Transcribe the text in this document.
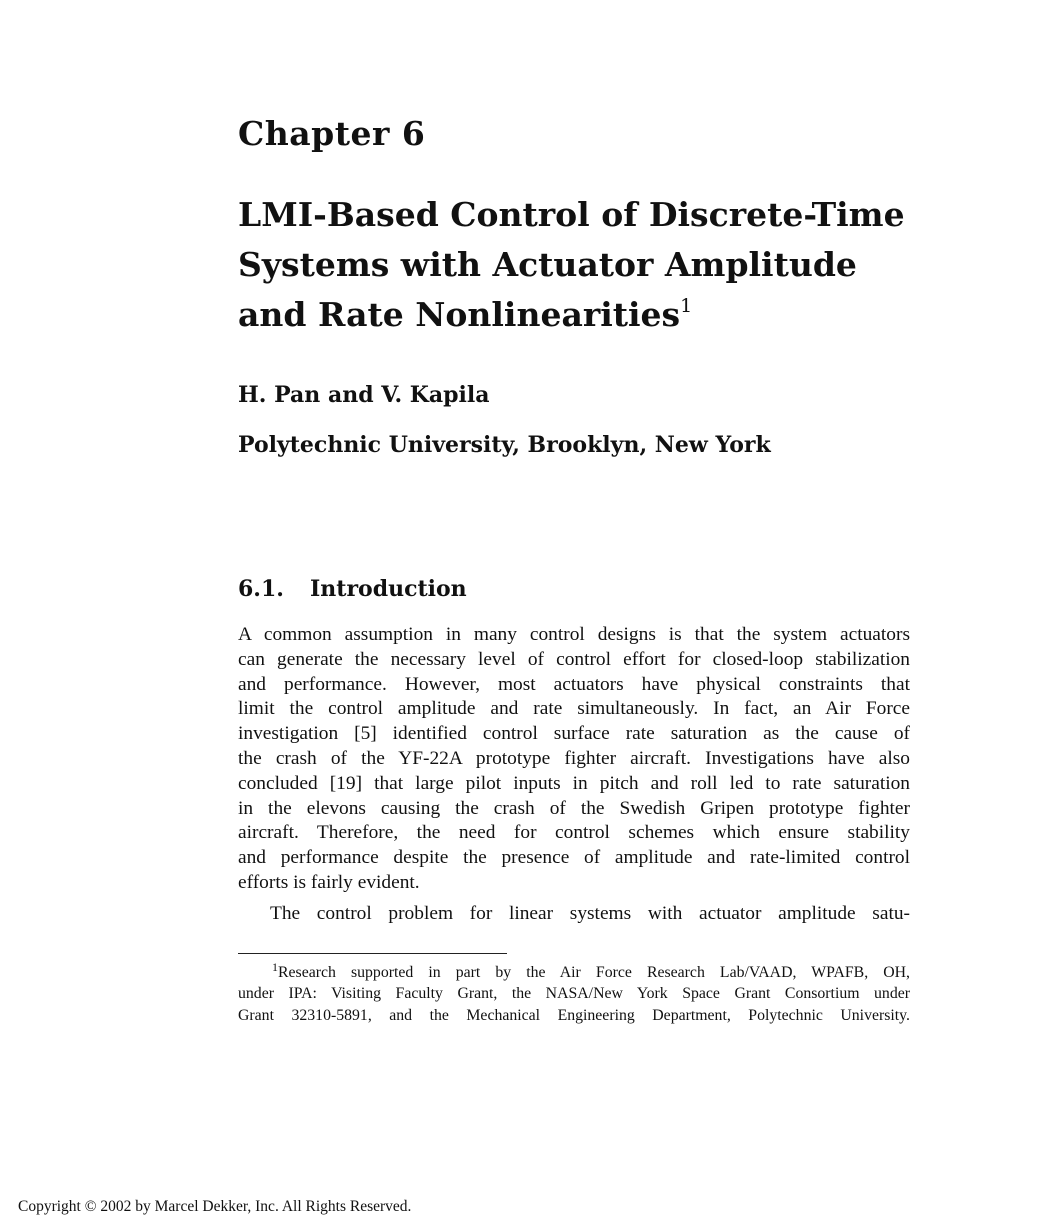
Chapter 6
LMI-Based Control of Discrete-Time
Systems with Actuator Amplitude
and Rate Nonlinearities$^1$
H. Pan and V. Kapila
Polytechnic University, Brooklyn, New York
6.1. Introduction
A common assumption in many control designs is that the system actuators
can generate the necessary level of control effort for closed-loop stabilization
and performance. However, most actuators have physical constraints that
limit the control amplitude and rate simultaneously. In fact, an Air Force
investigation [5] identified control surface rate saturation as the cause of
the crash of the YF-22A prototype fighter aircraft. Investigations have also
concluded [19] that large pilot inputs in pitch and roll led to rate saturation
in the elevons causing the crash of the Swedish Gripen prototype fighter
aircraft. Therefore, the need for control schemes which ensure stability
and performance despite the presence of amplitude and rate-limited control
efforts is fairly evident.
The control problem for linear systems with actuator amplitude satu-
$^1$Research supported in part by the Air Force Research Lab/VAAD, WPAFB, OH,
under IPA: Visiting Faculty Grant, the NASA/New York Space Grant Consortium under
Grant 32310-5891, and the Mechanical Engineering Department, Polytechnic University.
Copyright © 2002 by Marcel Dekker, Inc. All Rights Reserved.
